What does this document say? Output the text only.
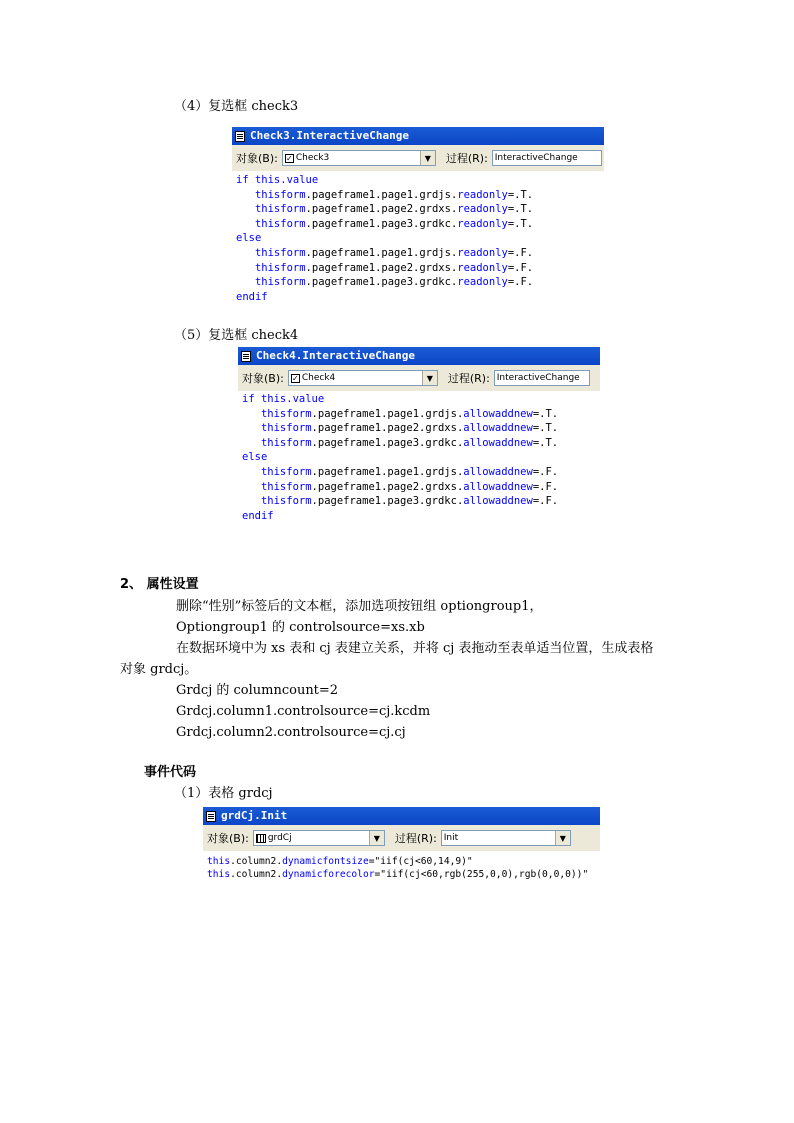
（4）复选框 check3
Check3.InteractiveChange
对象(B): ✓ Check3	▼	过程(R): InteractiveChange
if this.value
thisform.pageframe1.page1.grdjs.readonly=.T.
thisform.pageframe1.page2.grdxs.readonly=.T.
thisform.pageframe1.page3.grdkc.readonly=.T.
else
thisform.pageframe1.page1.grdjs.readonly=.F.
thisform.pageframe1.page2.grdxs.readonly=.F.
thisform.pageframe1.page3.grdkc.readonly=.F.
endif
（5）复选框 check4
Check4.InteractiveChange
对象(B): ✓ Check4	▼	过程(R): InteractiveChange
if this.value
thisform.pageframe1.page1.grdjs.allowaddnew=.T.
thisform.pageframe1.page2.grdxs.allowaddnew=.T.
thisform.pageframe1.page3.grdkc.allowaddnew=.T.
else
thisform.pageframe1.page1.grdjs.allowaddnew=.F.
thisform.pageframe1.page2.grdxs.allowaddnew=.F.
thisform.pageframe1.page3.grdkc.allowaddnew=.F.
endif
2、 属性设置
删除“性别”标签后的文本框，添加选项按钮组 optiongroup1，
Optiongroup1 的 controlsource=xs.xb
在数据环境中为 xs 表和 cj 表建立关系，并将 cj 表拖动至表单适当位置，生成表格
对象 grdcj。
Grdcj 的 columncount=2
Grdcj.column1.controlsource=cj.kcdm
Grdcj.column2.controlsource=cj.cj
事件代码
（1）表格 grdcj
grdCj.Init
对象(B): grdCj	▼	过程(R): Init	▼
this.column2.dynamicfontsize="iif(cj<60,14,9)"
this.column2.dynamicforecolor="iif(cj<60,rgb(255,0,0),rgb(0,0,0))"
